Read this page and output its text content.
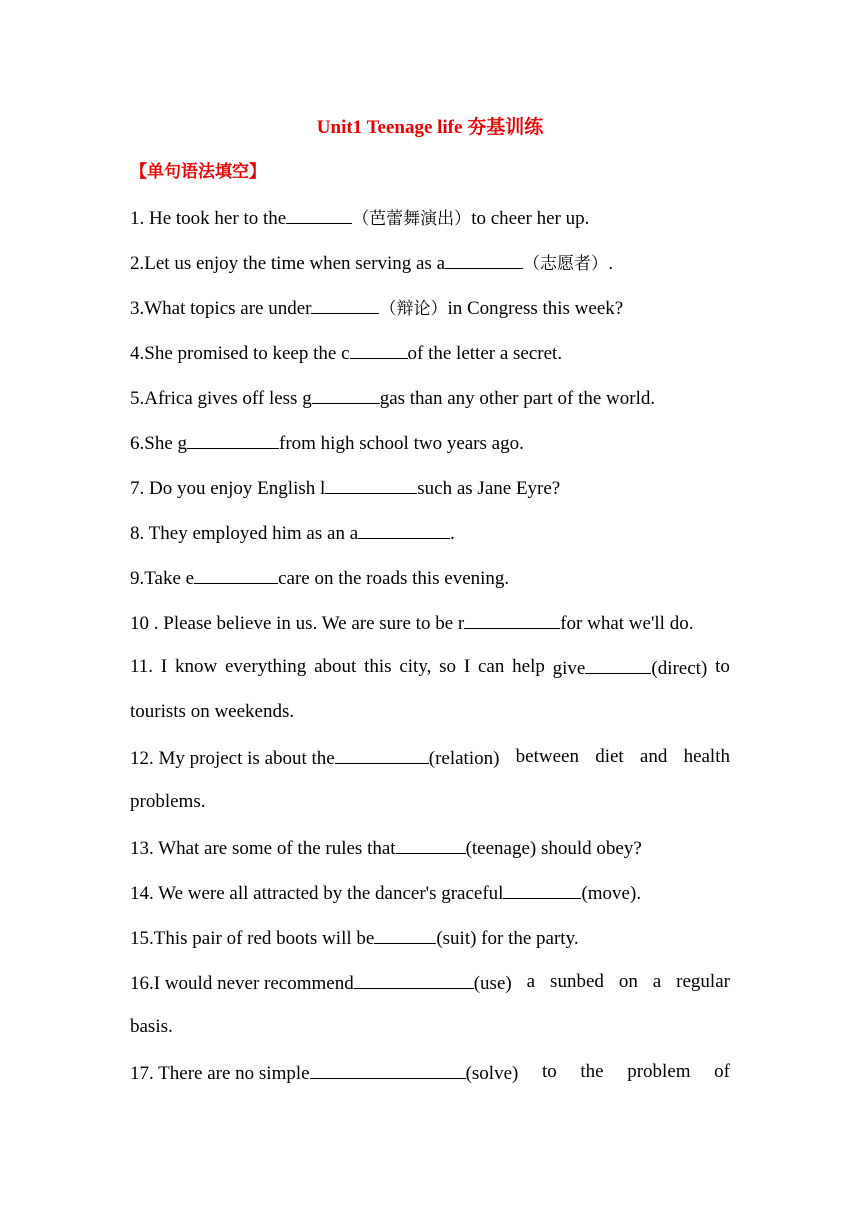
Unit1 Teenage life 夯基训练
【单句语法填空】
1. He took her to the	（芭蕾舞演出）to cheer her up.
2.Let us enjoy the time when serving as a	（志愿者）.
3.What topics are under	（辩论）in Congress this week?
4.She promised to keep the c	of the letter a secret.
5.Africa gives off less g	gas than any other part of the world.
6.She g	from high school two years ago.
7. Do you enjoy English l	such as Jane Eyre?
8. They employed him as an a	.
9.Take e	care on the roads this evening.
10 . Please believe in us. We are sure to be r	for what we'll do.
11. I know everything about this city, so I can help give	(direct) to
tourists on weekends.
12. My project is about the	(relation) between diet and health
problems.
13. What are some of the rules that	(teenage) should obey?
14. We were all attracted by the dancer's graceful	(move).
15.This pair of red boots will be	(suit) for the party.
16.I would never recommend	(use) a sunbed on a regular
basis.
17. There are no simple	(solve) to the problem of
